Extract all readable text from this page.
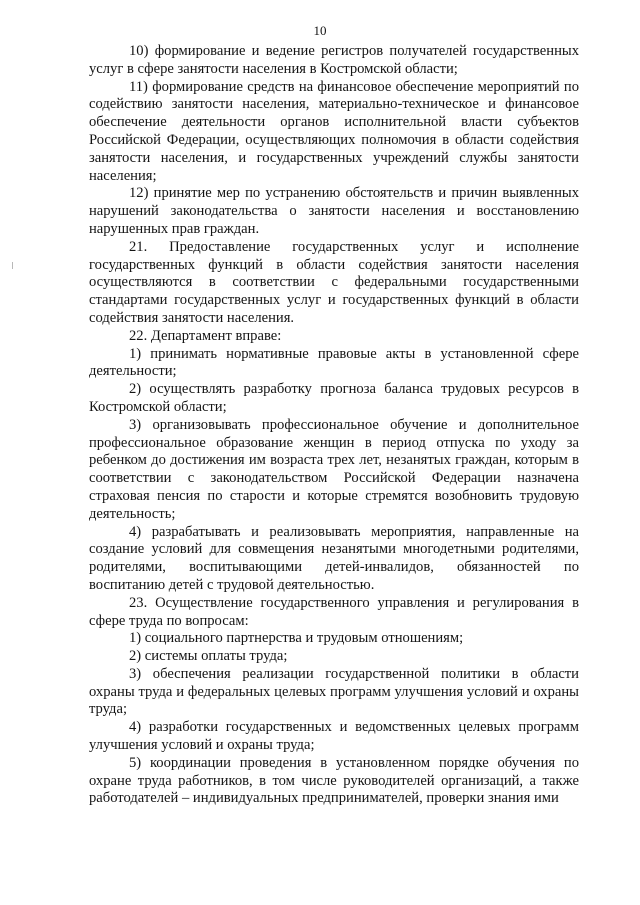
10

10) формирование и ведение регистров получателей государственных услуг в сфере занятости населения в Костромской области;

11) формирование средств на финансовое обеспечение мероприятий по содействию занятости населения, материально-техническое и финансовое обеспечение деятельности органов исполнительной власти субъектов Российской Федерации, осуществляющих полномочия в области содействия занятости населения, и государственных учреждений службы занятости населения;

12) принятие мер по устранению обстоятельств и причин выявленных нарушений законодательства о занятости населения и восстановлению нарушенных прав граждан.

21. Предоставление государственных услуг и исполнение государственных функций в области содействия занятости населения осуществляются в соответствии с федеральными государственными стандартами государственных услуг и государственных функций в области содействия занятости населения.

22. Департамент вправе:

1) принимать нормативные правовые акты в установленной сфере деятельности;

2) осуществлять разработку прогноза баланса трудовых ресурсов в Костромской области;

3) организовывать профессиональное обучение и дополнительное профессиональное образование женщин в период отпуска по уходу за ребенком до достижения им возраста трех лет, незанятых граждан, которым в соответствии с законодательством Российской Федерации назначена страховая пенсия по старости и которые стремятся возобновить трудовую деятельность;

4) разрабатывать и реализовывать мероприятия, направленные на создание условий для совмещения незанятыми многодетными родителями, родителями, воспитывающими детей-инвалидов, обязанностей по воспитанию детей с трудовой деятельностью.

23. Осуществление государственного управления и регулирования в сфере труда по вопросам:

1) социального партнерства и трудовым отношениям;

2) системы оплаты труда;

3) обеспечения реализации государственной политики в области охраны труда и федеральных целевых программ улучшения условий и охраны труда;

4) разработки государственных и ведомственных целевых программ улучшения условий и охраны труда;

5) координации проведения в установленном порядке обучения по охране труда работников, в том числе руководителей организаций, а также работодателей – индивидуальных предпринимателей, проверки знания ими
